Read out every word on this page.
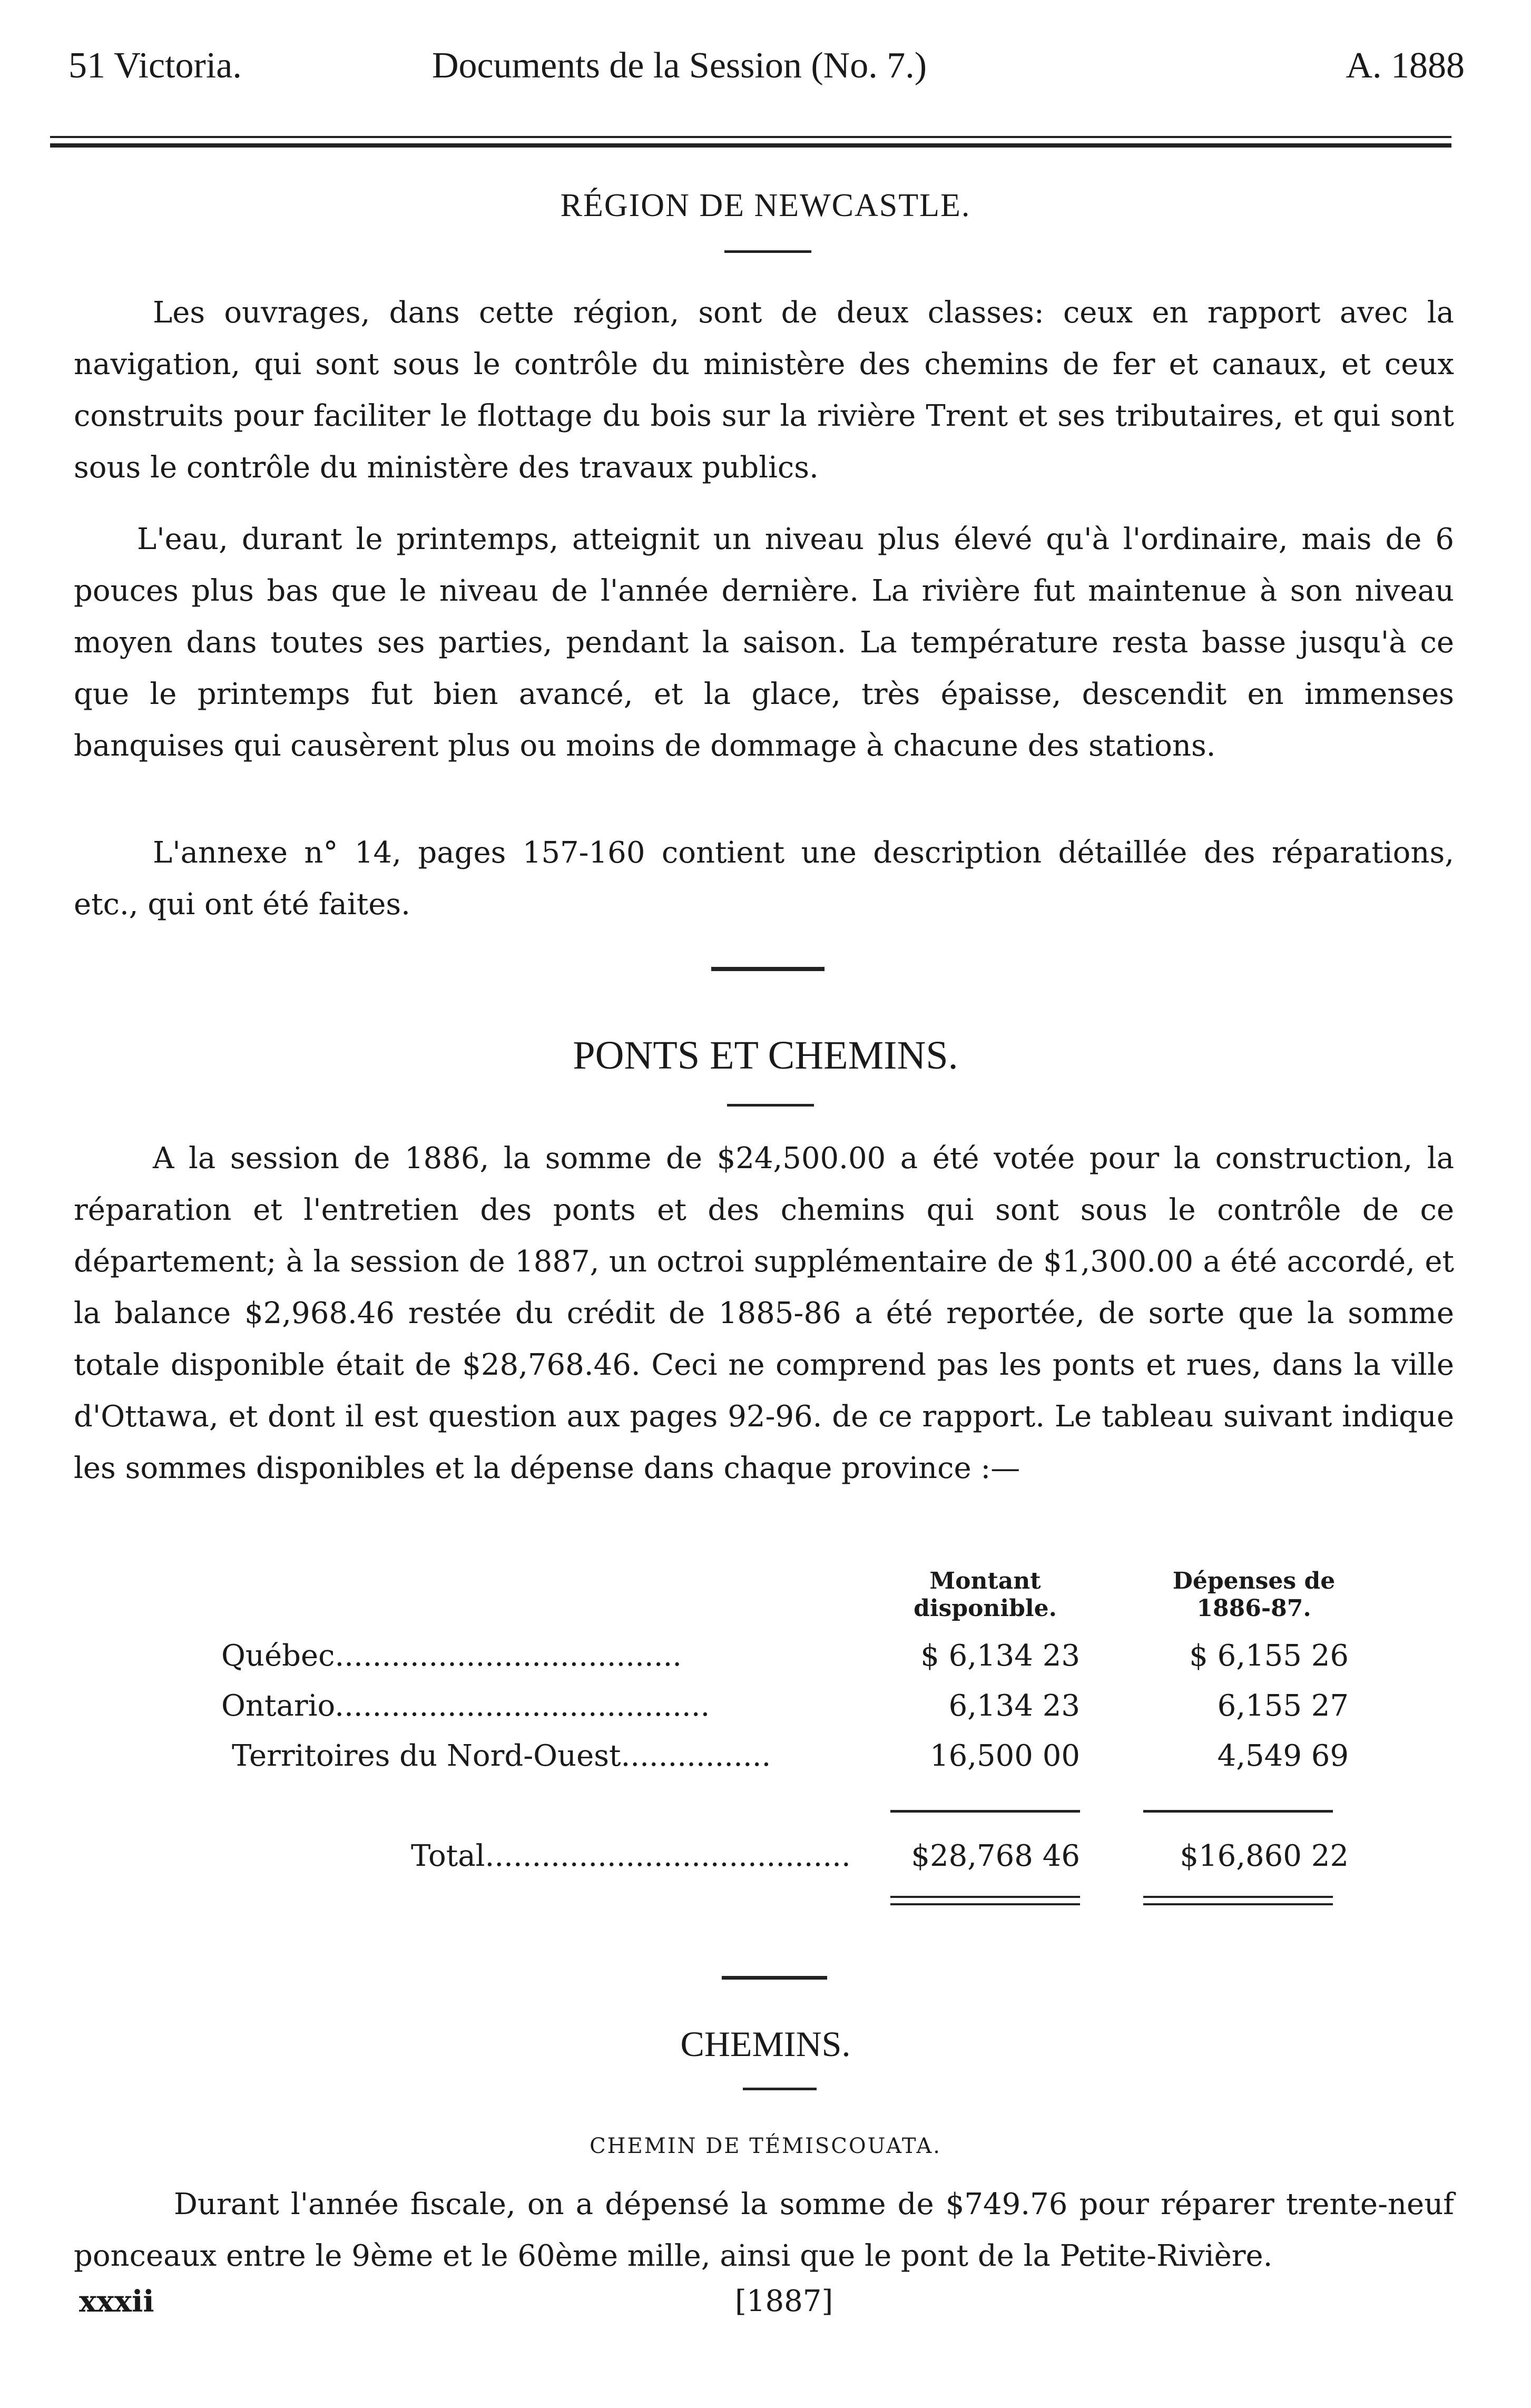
51 Victoria.	Documents de la Session (No. 7.)	A. 1888
RÉGION DE NEWCASTLE.

Les ouvrages, dans cette région, sont de deux classes: ceux en rapport avec la navigation, qui sont sous le contrôle du ministère des chemins de fer et canaux, et ceux construits pour faciliter le flottage du bois sur la rivière Trent et ses tributaires, et qui sont sous le contrôle du ministère des travaux publics.

L'eau, durant le printemps, atteignit un niveau plus élevé qu'à l'ordinaire, mais de 6 pouces plus bas que le niveau de l'année dernière. La rivière fut maintenue à son niveau moyen dans toutes ses parties, pendant la saison. La température resta basse jusqu'à ce que le printemps fut bien avancé, et la glace, très épaisse, descendit en immenses banquises qui causèrent plus ou moins de dommage à chacune des stations.

L'annexe n° 14, pages 157-160 contient une description détaillée des réparations, etc., qui ont été faites.

PONTS ET CHEMINS.

A la session de 1886, la somme de $24,500.00 a été votée pour la construction, la réparation et l'entretien des ponts et des chemins qui sont sous le contrôle de ce département; à la session de 1887, un octroi supplémentaire de $1,300.00 a été accordé, et la balance $2,968.46 restée du crédit de 1885-86 a été reportée, de sorte que la somme totale disponible était de $28,768.46. Ceci ne comprend pas les ponts et rues, dans la ville d'Ottawa, et dont il est question aux pages 92-96. de ce rapport. Le tableau suivant indique les sommes disponibles et la dépense dans chaque province :—

Montant
disponible.
Dépenses de
1886-87.
Québec.....................................	$ 6,134 23	$ 6,155 26
Ontario........................................	6,134 23	6,155 27
Territoires du Nord-Ouest................	16,500 00	4,549 69
Total....................................... $28,768 46	$16,860 22
CHEMINS.
CHEMIN DE TÉMISCOUATA.

Durant l'année fiscale, on a dépensé la somme de $749.76 pour réparer trente-neuf ponceaux entre le 9ème et le 60ème mille, ainsi que le pont de la Petite-Rivière.

xxxii	[1887]
